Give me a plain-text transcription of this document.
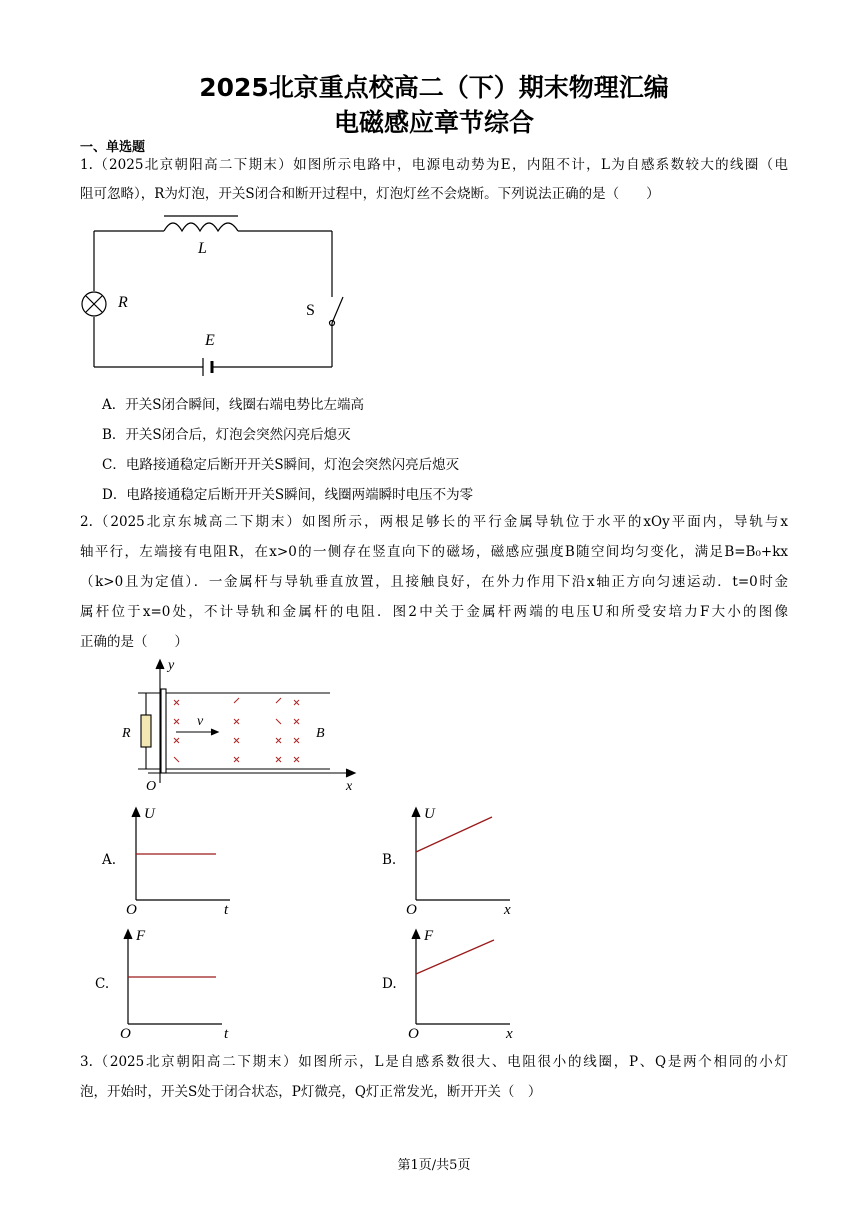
2025北京重点校高二（下）期末物理汇编
电磁感应章节综合
一、单选题
1.（2025北京朝阳高二下期末）如图所示电路中，电源电动势为E，内阻不计，L为自感系数较大的线圈（电
阻可忽略），R为灯泡，开关S闭合和断开过程中，灯泡灯丝不会烧断。下列说法正确的是（　　）
L
R	S
E
A．开关S闭合瞬间，线圈右端电势比左端高
B．开关S闭合后，灯泡会突然闪亮后熄灭
C．电路接通稳定后断开开关S瞬间，灯泡会突然闪亮后熄灭
D．电路接通稳定后断开开关S瞬间，线圈两端瞬时电压不为零
2.（2025北京东城高二下期末）如图所示，两根足够长的平行金属导轨位于水平的xOy平面内，导轨与x
轴平行，左端接有电阻R，在x>0的一侧存在竖直向下的磁场，磁感应强度B随空间均匀变化，满足B=B₀+kx
（k>0且为定值）．一金属杆与导轨垂直放置，且接触良好，在外力作用下沿x轴正方向匀速运动．t=0时金
属杆位于x=0处，不计导轨和金属杆的电阻．图2中关于金属杆两端的电压U和所受安培力F大小的图像
正确的是（　　）
y
x
O
R
v
B
A.
U
t
O
B.
U
x
O
C.
F
t
O
D.
F
x
O
3.（2025北京朝阳高二下期末）如图所示，L是自感系数很大、电阻很小的线圈，P、Q是两个相同的小灯
泡，开始时，开关S处于闭合状态，P灯微亮，Q灯正常发光，断开开关（　）
第1页/共5页
